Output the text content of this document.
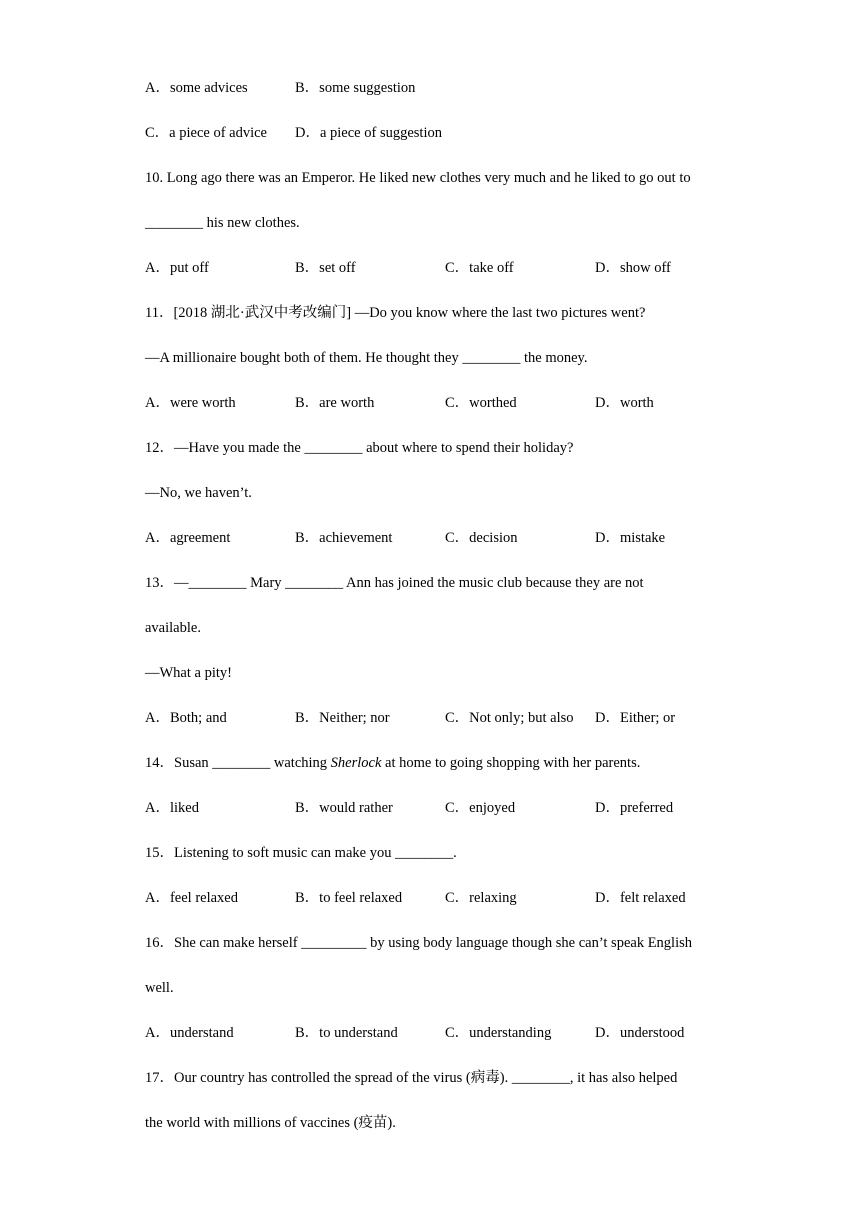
A．some advices	B．some suggestion
C．a piece of advice D．a piece of suggestion
10. Long ago there was an Emperor. He liked new clothes very much and he liked to go out to
________ his new clothes.
A．put off	B．set off	C．take off	D．show off
11．[2018 湖北·武汉中考改编门] —Do you know where the last two pictures went?
—A millionaire bought both of them. He thought they ________ the money.
A．were worth	B．are worth	C．worthed	D．worth
12．—Have you made the ________ about where to spend their holiday?
—No, we haven’t.
A．agreement	B．achievement	C．decision	D．mistake
13．—________ Mary ________ Ann has joined the music club because they are not
available.
—What a pity!
A．Both; and	B．Neither; nor	C．Not only; but also D．Either; or
14．Susan ________ watching Sherlock at home to going shopping with her parents.
A．liked	B．would rather	C．enjoyed	D．preferred
15．Listening to soft music can make you ________.
A．feel relaxed	B．to feel relaxed	C．relaxing	D．felt relaxed
16．She can make herself _________ by using body language though she can’t speak English
well.
A．understand	B．to understand	C．understanding	D．understood
17．Our country has controlled the spread of the virus (病毒). ________, it has also helped
the world with millions of vaccines (疫苗).
